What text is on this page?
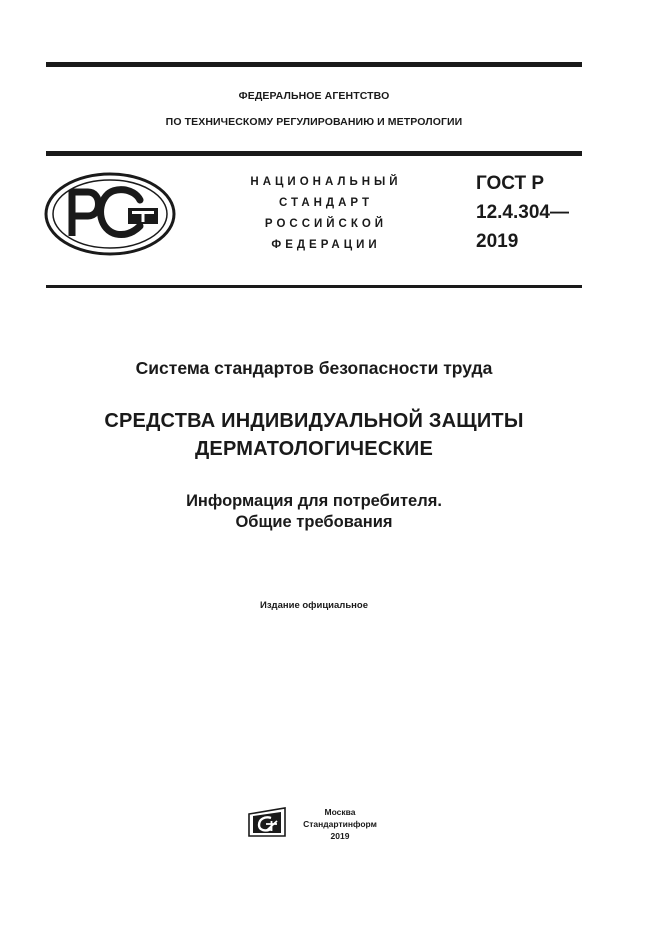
ФЕДЕРАЛЬНОЕ АГЕНТСТВО
ПО ТЕХНИЧЕСКОМУ РЕГУЛИРОВАНИЮ И МЕТРОЛОГИИ
НАЦИОНАЛЬНЫЙ
СТАНДАРТ
РОССИЙСКОЙ
ФЕДЕРАЦИИ
ГОСТ Р
12.4.304—
2019
Система стандартов безопасности труда
СРЕДСТВА ИНДИВИДУАЛЬНОЙ ЗАЩИТЫ
ДЕРМАТОЛОГИЧЕСКИЕ
Информация для потребителя.
Общие требования
Издание официальное
Москва
Стандартинформ
2019
